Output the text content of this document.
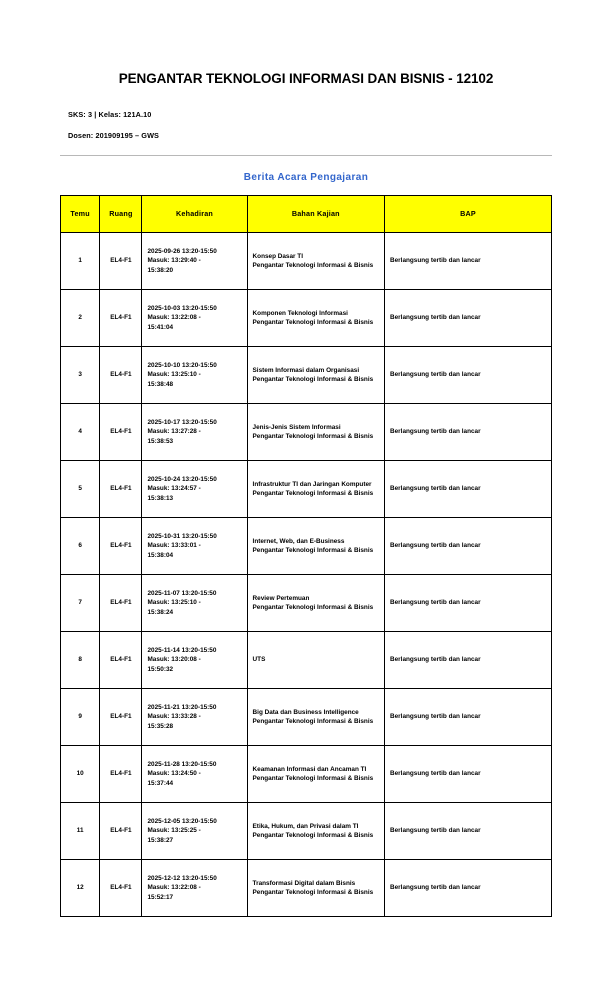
PENGANTAR TEKNOLOGI INFORMASI DAN BISNIS - 12102
SKS: 3 | Kelas: 121A.10
Dosen: 201909195 – GWS
Berita Acara Pengajaran
Temu	Ruang	Kehadiran	Bahan Kajian	BAP
1	EL4-F1	2025-09-26 13:20-15:50
Masuk: 13:29:40 -
15:38:20	Konsep Dasar TI
Pengantar Teknologi Informasi & Bisnis	Berlangsung tertib dan lancar

2	EL4-F1	2025-10-03 13:20-15:50
Masuk: 13:22:08 -
15:41:04	Komponen Teknologi Informasi
Pengantar Teknologi Informasi & Bisnis	Berlangsung tertib dan lancar

3	EL4-F1	2025-10-10 13:20-15:50
Masuk: 13:25:10 -
15:38:48	Sistem Informasi dalam Organisasi
Pengantar Teknologi Informasi & Bisnis	Berlangsung tertib dan lancar

4	EL4-F1	2025-10-17 13:20-15:50
Masuk: 13:27:28 -
15:38:53	Jenis-Jenis Sistem Informasi
Pengantar Teknologi Informasi & Bisnis	Berlangsung tertib dan lancar

5	EL4-F1	2025-10-24 13:20-15:50
Masuk: 13:24:57 -
15:38:13	Infrastruktur TI dan Jaringan Komputer
Pengantar Teknologi Informasi & Bisnis	Berlangsung tertib dan lancar

6	EL4-F1	2025-10-31 13:20-15:50
Masuk: 13:33:01 -
15:38:04	Internet, Web, dan E-Business
Pengantar Teknologi Informasi & Bisnis	Berlangsung tertib dan lancar

7	EL4-F1	2025-11-07 13:20-15:50
Masuk: 13:25:10 -
15:38:24	Review Pertemuan
Pengantar Teknologi Informasi & Bisnis	Berlangsung tertib dan lancar

8	EL4-F1	2025-11-14 13:20-15:50
Masuk: 13:20:08 -
15:50:32	UTS	Berlangsung tertib dan lancar

9	EL4-F1	2025-11-21 13:20-15:50
Masuk: 13:33:28 -
15:35:28	Big Data dan Business Intelligence
Pengantar Teknologi Informasi & Bisnis	Berlangsung tertib dan lancar

10	EL4-F1	2025-11-28 13:20-15:50
Masuk: 13:24:50 -
15:37:44	Keamanan Informasi dan Ancaman TI
Pengantar Teknologi Informasi & Bisnis	Berlangsung tertib dan lancar

11	EL4-F1	2025-12-05 13:20-15:50
Masuk: 13:25:25 -
15:38:27	Etika, Hukum, dan Privasi dalam TI
Pengantar Teknologi Informasi & Bisnis	Berlangsung tertib dan lancar

12	EL4-F1	2025-12-12 13:20-15:50
Masuk: 13:22:08 -
15:52:17	Transformasi Digital dalam Bisnis
Pengantar Teknologi Informasi & Bisnis	Berlangsung tertib dan lancar
